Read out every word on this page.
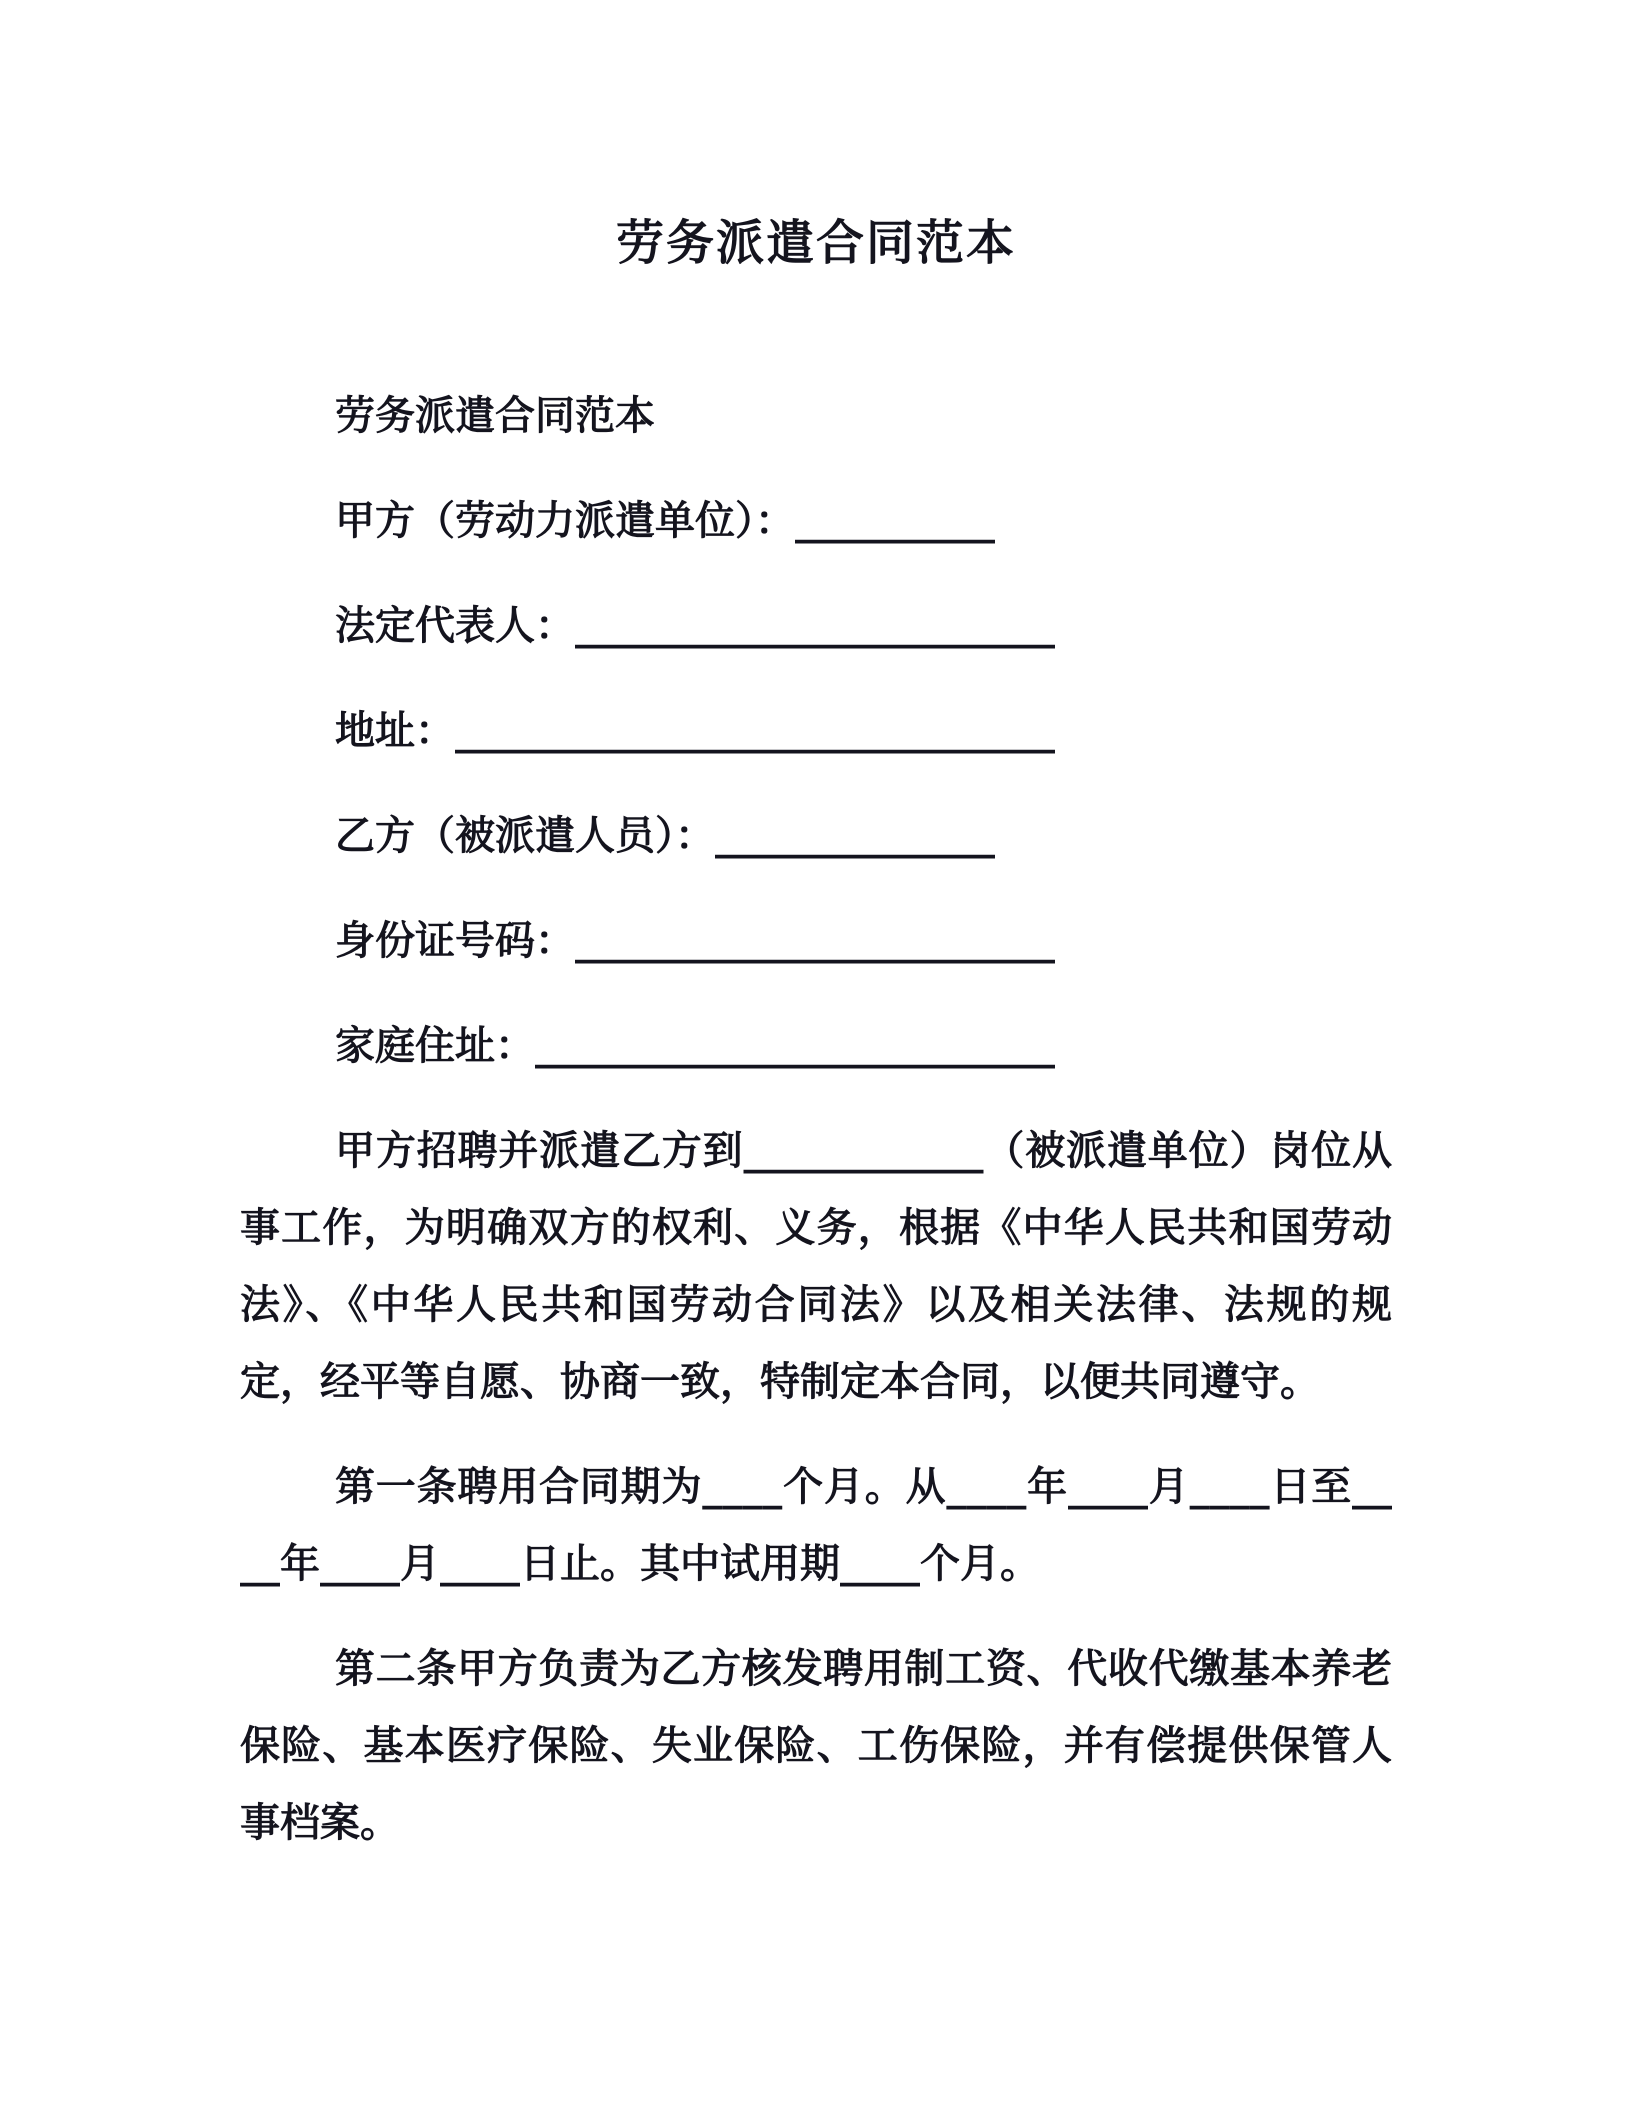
劳务派遣合同范本

劳务派遣合同范本

甲方（劳动力派遣单位）：__________

法定代表人：________________________

地址：______________________________

乙方（被派遣人员）：______________

身份证号码：________________________

家庭住址：__________________________

甲方招聘并派遣乙方到____________（被派遣单位）岗位从事工作，为明确双方的权利、义务，根据《中华人民共和国劳动法》、《中华人民共和国劳动合同法》以及相关法律、法规的规定，经平等自愿、协商一致，特制定本合同，以便共同遵守。

第一条聘用合同期为____个月。从____年____月____日至____年____月____日止。其中试用期____个月。

第二条甲方负责为乙方核发聘用制工资、代收代缴基本养老保险、基本医疗保险、失业保险、工伤保险，并有偿提供保管人事档案。
